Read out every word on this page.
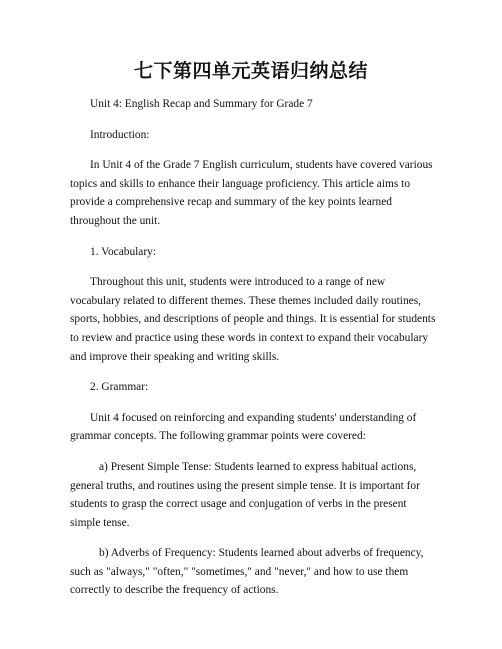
七下第四单元英语归纳总结

Unit 4: English Recap and Summary for Grade 7

Introduction:

In Unit 4 of the Grade 7 English curriculum, students have covered various topics and skills to enhance their language proficiency. This article aims to provide a comprehensive recap and summary of the key points learned throughout the unit.

1. Vocabulary:

Throughout this unit, students were introduced to a range of new vocabulary related to different themes. These themes included daily routines, sports, hobbies, and descriptions of people and things. It is essential for students to review and practice using these words in context to expand their vocabulary and improve their speaking and writing skills.

2. Grammar:

Unit 4 focused on reinforcing and expanding students' understanding of grammar concepts. The following grammar points were covered:

a) Present Simple Tense: Students learned to express habitual actions, general truths, and routines using the present simple tense. It is important for students to grasp the correct usage and conjugation of verbs in the present simple tense.

b) Adverbs of Frequency: Students learned about adverbs of frequency, such as "always," "often," "sometimes," and "never," and how to use them correctly to describe the frequency of actions.
